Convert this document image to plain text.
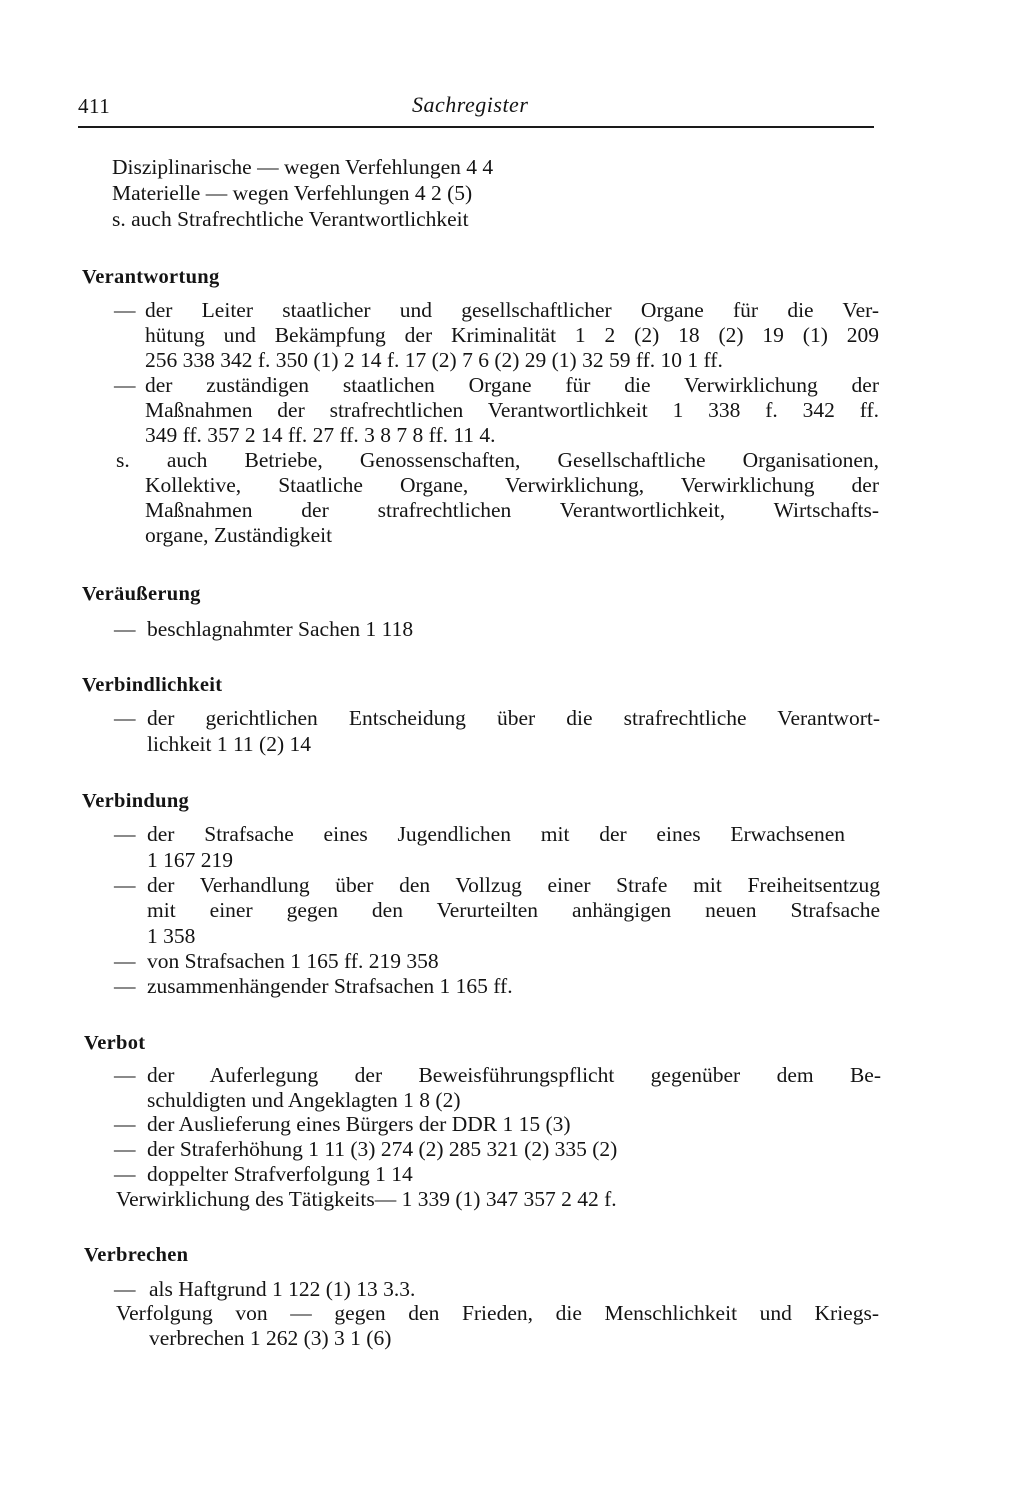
411	Sachregister
Disziplinarische — wegen Verfehlungen 4 4
Materielle — wegen Verfehlungen 4 2 (5)
s. auch Strafrechtliche Verantwortlichkeit
Verantwortung
— der Leiter staatlicher und gesellschaftlicher Organe für die Ver-
hütung und Bekämpfung der Kriminalität 1 2 (2) 18 (2) 19 (1) 209
256 338 342 f. 350 (1) 2 14 f. 17 (2) 7 6 (2) 29 (1) 32 59 ff. 10 1 ff.
— der zuständigen staatlichen Organe für die Verwirklichung der
Maßnahmen der strafrechtlichen Verantwortlichkeit 1 338 f. 342 ff.
349 ff. 357 2 14 ff. 27 ff. 3 8 7 8 ff. 11 4.
s. auch Betriebe, Genossenschaften, Gesellschaftliche Organisationen,
Kollektive, Staatliche Organe, Verwirklichung, Verwirklichung der
Maßnahmen der strafrechtlichen Verantwortlichkeit, Wirtschafts-
organe, Zuständigkeit
Veräußerung
— beschlagnahmter Sachen 1 118
Verbindlichkeit
— der gerichtlichen Entscheidung über die strafrechtliche Verantwort-
lichkeit 1 11 (2) 14
Verbindung
— der Strafsache eines Jugendlichen mit der eines Erwachsenen
1 167 219
— der Verhandlung über den Vollzug einer Strafe mit Freiheitsentzug
mit einer gegen den Verurteilten anhängigen neuen Strafsache
1 358
— von Strafsachen 1 165 ff. 219 358
— zusammenhängender Strafsachen 1 165 ff.
Verbot
— der Auferlegung der Beweisführungspflicht gegenüber dem Be-
schuldigten und Angeklagten 1 8 (2)
— der Auslieferung eines Bürgers der DDR 1 15 (3)
— der Straferhöhung 1 11 (3) 274 (2) 285 321 (2) 335 (2)
— doppelter Strafverfolgung 1 14
Verwirklichung des Tätigkeits— 1 339 (1) 347 357 2 42 f.
Verbrechen
— als Haftgrund 1 122 (1) 13 3.3.
Verfolgung von — gegen den Frieden, die Menschlichkeit und Kriegs-
verbrechen 1 262 (3) 3 1 (6)
